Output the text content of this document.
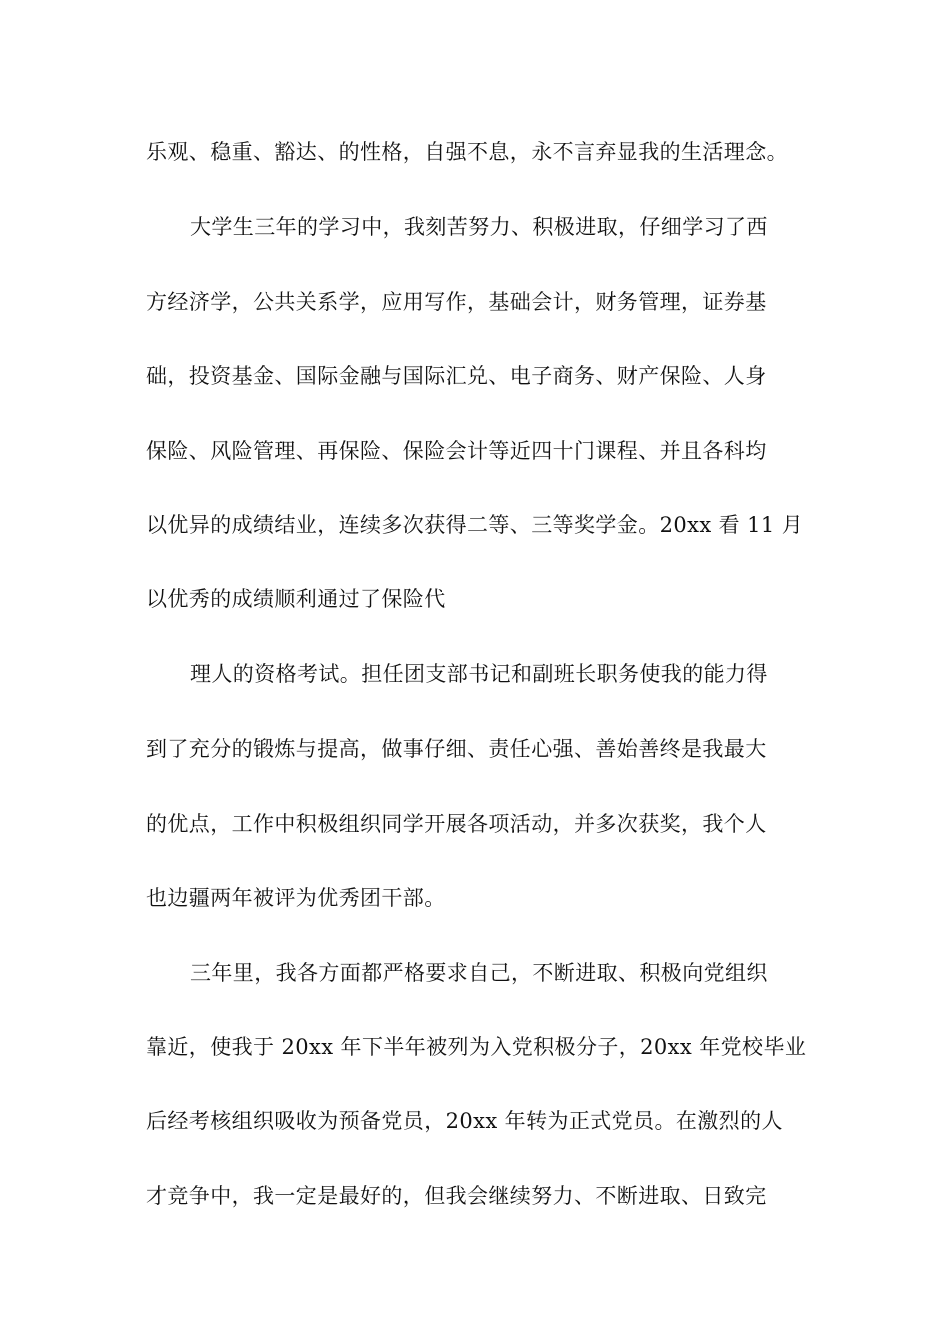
乐观、稳重、豁达、的性格，自强不息，永不言弃显我的生活理念。
大学生三年的学习中，我刻苦努力、积极进取，仔细学习了西
方经济学，公共关系学，应用写作，基础会计，财务管理，证券基
础，投资基金、国际金融与国际汇兑、电子商务、财产保险、人身
保险、风险管理、再保险、保险会计等近四十门课程、并且各科均
以优异的成绩结业，连续多次获得二等、三等奖学金。20xx 看 11 月
以优秀的成绩顺利通过了保险代
理人的资格考试。担任团支部书记和副班长职务使我的能力得
到了充分的锻炼与提高，做事仔细、责任心强、善始善终是我最大
的优点，工作中积极组织同学开展各项活动，并多次获奖，我个人
也边疆两年被评为优秀团干部。
三年里，我各方面都严格要求自己，不断进取、积极向党组织
靠近，使我于 20xx 年下半年被列为入党积极分子，20xx 年党校毕业
后经考核组织吸收为预备党员，20xx 年转为正式党员。在激烈的人
才竞争中，我一定是最好的，但我会继续努力、不断进取、日致完
